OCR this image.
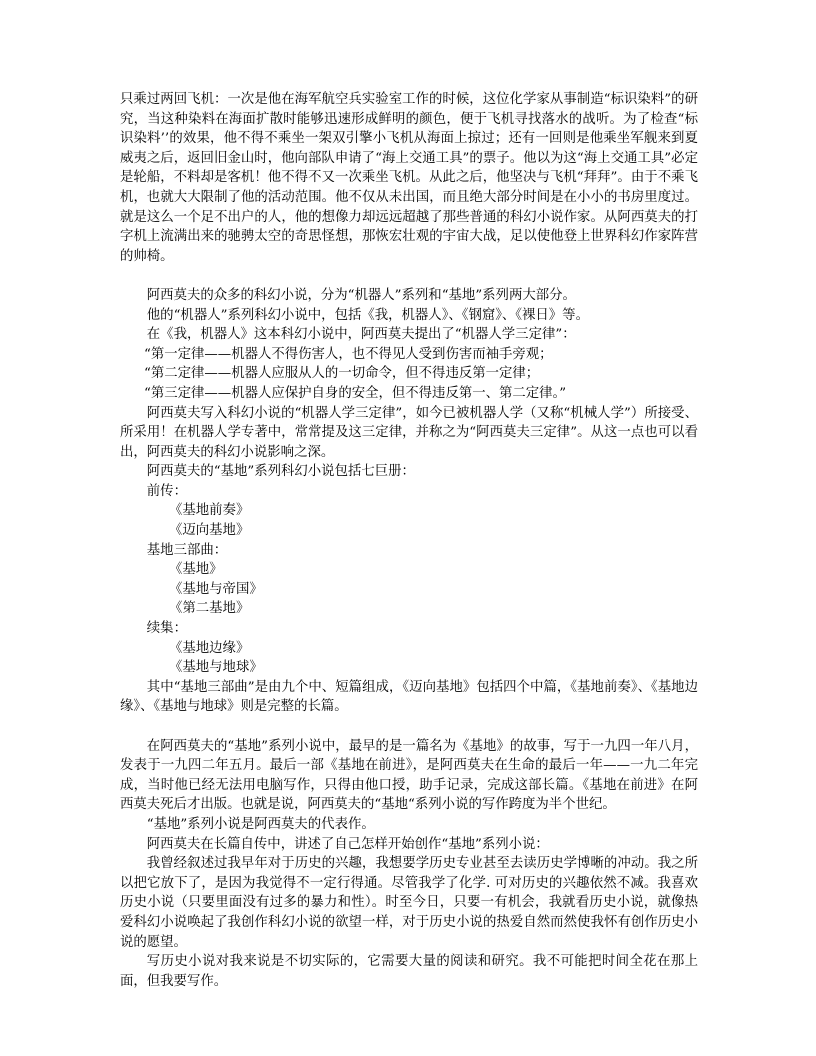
只乘过两回飞机：一次是他在海军航空兵实验室工作的时候，这位化学家从事制造“标识染料”的研究，当这种染料在海面扩散时能够迅速形成鲜明的颜色，便于飞机寻找落水的战听。为了检查“标识染料’’的效果，他不得不乘坐一架双引擎小飞机从海面上掠过；还有一回则是他乘坐军舰来到夏威夷之后，返回旧金山时，他向部队申请了“海上交通工具”的票子。他以为这“海上交通工具”必定是轮船，不料却是客机！他不得不又一次乘坐飞机。从此之后，他坚决与飞机“拜拜”。由于不乘飞机，也就大大限制了他的活动范围。他不仅从未出国，而且绝大部分时间是在小小的书房里度过。就是这么一个足不出户的人，他的想像力却远远超越了那些普通的科幻小说作家。从阿西莫夫的打字机上流满出来的驰骋太空的奇思怪想，那恢宏壮观的宇宙大战，足以使他登上世界科幻作家阵营的帅椅。

阿西莫夫的众多的科幻小说，分为“机器人”系列和“基地”系列两大部分。

他的“机器人”系列科幻小说中，包括《我，机器人》、《钢窟》、《裸日》等。

在《我，机器人》这本科幻小说中，阿西莫夫提出了“机器人学三定律”：

“第一定律——机器人不得伤害人，也不得见人受到伤害而袖手旁观；

“第二定律——机器人应服从人的一切命令，但不得违反第一定律；

“第三定律——机器人应保护自身的安全，但不得违反第一、第二定律。”

阿西莫夫写入科幻小说的“机器人学三定律”，如今已被机器人学（又称“机械人学”）所接受、所采用！在机器人学专著中，常常提及这三定律，并称之为“阿西莫夫三定律”。从这一点也可以看出，阿西莫夫的科幻小说影响之深。

阿西莫夫的“基地”系列科幻小说包括七巨册：

前传：

《基地前奏》

《迈向基地》

基地三部曲：

《基地》

《基地与帝国》

《第二基地》

续集：

《基地边缘》

《基地与地球》

其中“基地三部曲”是由九个中、短篇组成，《迈向基地》包括四个中篇，《基地前奏》、《基地边缘》、《基地与地球》则是完整的长篇。

在阿西莫夫的“基地”系列小说中，最早的是一篇名为《基地》的故事，写于一九四一年八月，发表于一九四二年五月。最后一部《基地在前进》，是阿西莫夫在生命的最后一年——一九二年完成，当时他已经无法用电脑写作，只得由他口授，助手记录，完成这部长篇。《基地在前进》在阿西莫夫死后才出版。也就是说，阿西莫夫的“基地“系列小说的写作跨度为半个世纪。

“基地”系列小说是阿西莫夫的代表作。

阿西莫夫在长篇自传中，讲述了自己怎样开始创作“基地”系列小说：

我曾经叙述过我早年对于历史的兴趣，我想要学历史专业甚至去读历史学博晰的冲动。我之所以把它放下了，是因为我觉得不一定行得通。尽管我学了化学. 可对历史的兴趣依然不减。我喜欢历史小说（只要里面没有过多的暴力和性）。时至今日，只要一有机会，我就看历史小说，就像热爱科幻小说唤起了我创作科幻小说的欲望一样，对于历史小说的热爱自然而然使我怀有创作历史小说的愿望。

写历史小说对我来说是不切实际的，它需要大量的阅读和研究。我不可能把时间全花在那上面，但我要写作。
